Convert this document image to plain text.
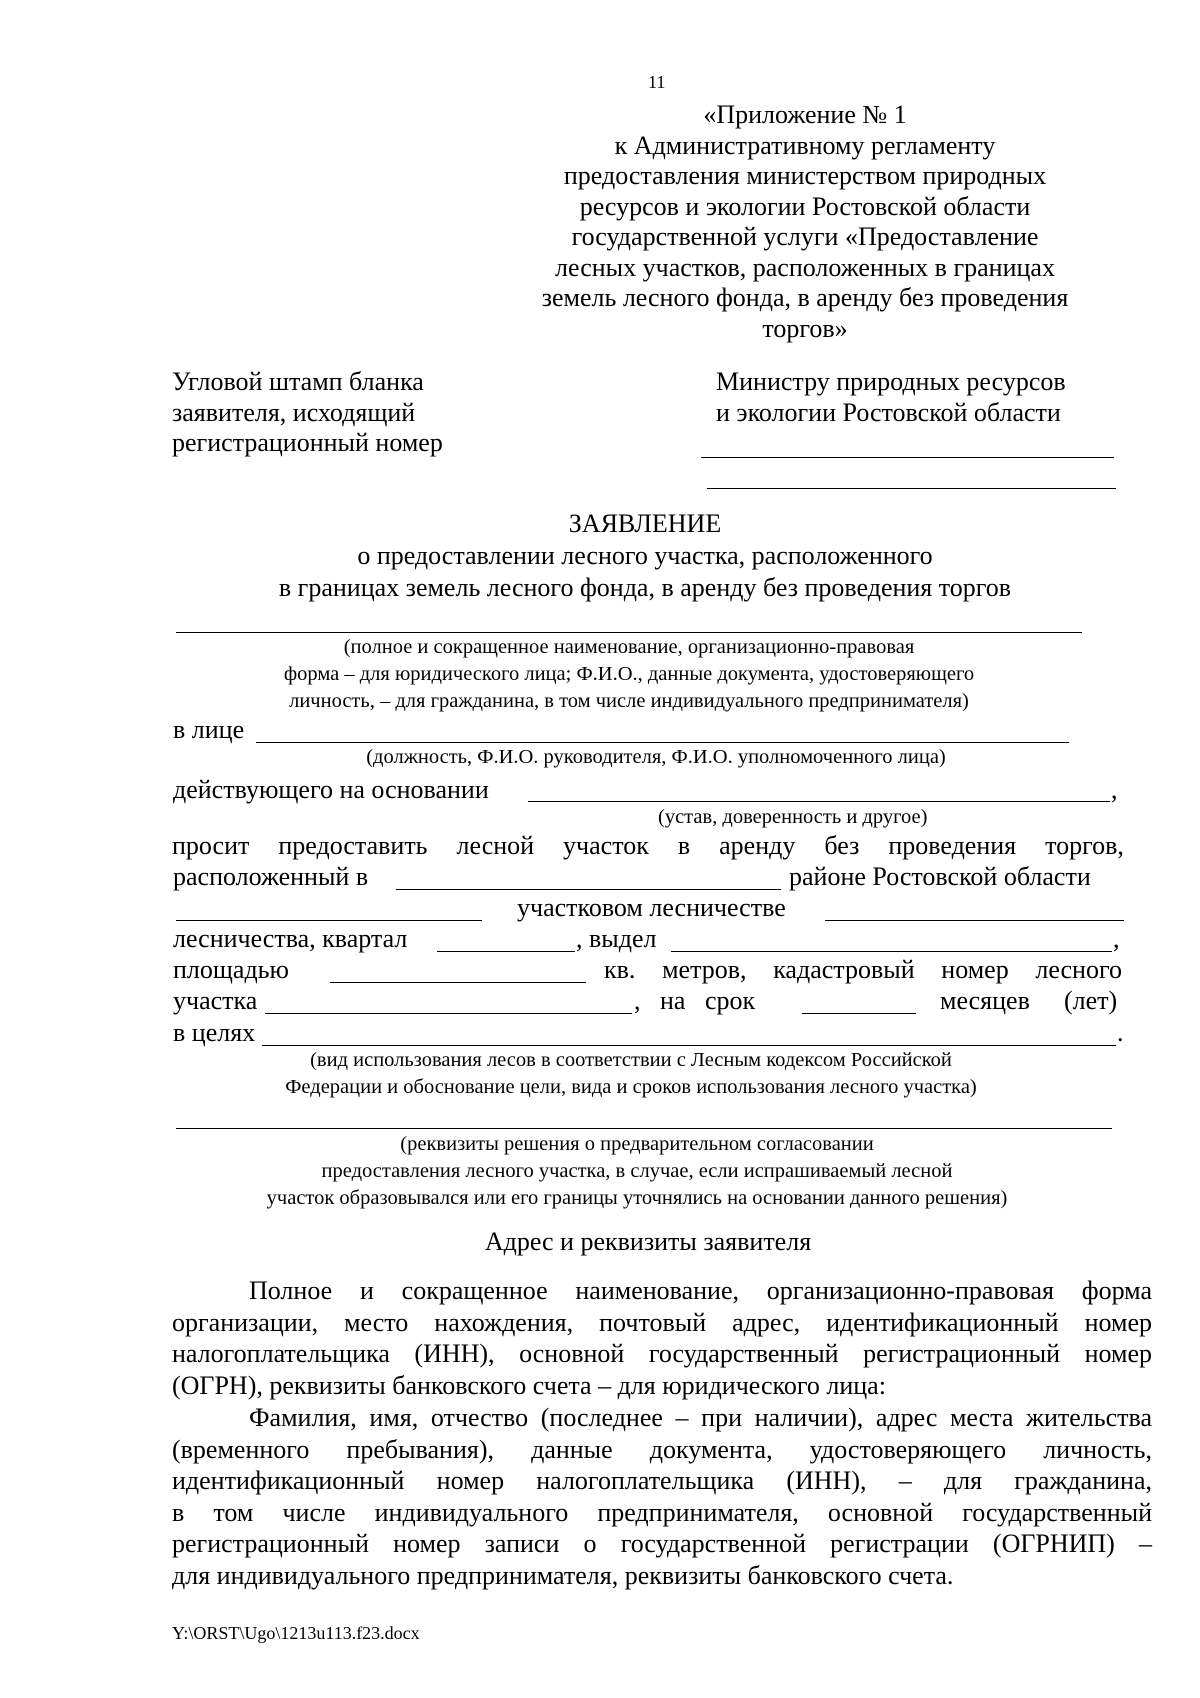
11
«Приложение № 1
к Административному регламенту
предоставления министерством природных
ресурсов и экологии Ростовской области
государственной услуги «Предоставление
лесных участков, расположенных в границах
земель лесного фонда, в аренду без проведения
торгов»
Угловой штамп бланка
заявителя, исходящий
регистрационный номер
Министру природных ресурсов
и экологии Ростовской области
ЗАЯВЛЕНИЕ
о предоставлении лесного участка, расположенного
в границах земель лесного фонда, в аренду без проведения торгов
(полное и сокращенное наименование, организационно-правовая
форма – для юридического лица; Ф.И.О., данные документа, удостоверяющего
личность, – для гражданина, в том числе индивидуального предпринимателя)
в лице
(должность, Ф.И.О. руководителя, Ф.И.О. уполномоченного лица)
действующего на основании	,
(устав, доверенность и другое)
просит предоставить лесной участок в аренду без проведения торгов,
расположенный в	районе Ростовской области
участковом лесничестве
лесничества, квартал	, выдел	,
площадью	кв. метров, кадастровый номер лесного
участка	,   на   срок	месяцев (лет)
в целях	.
(вид использования лесов в соответствии с Лесным кодексом Российской
Федерации и обоснование цели, вида и сроков использования лесного участка)
(реквизиты решения о предварительном согласовании
предоставления лесного участка, в случае, если испрашиваемый лесной
участок образовывался или его границы уточнялись на основании данного решения)
Адрес и реквизиты заявителя
Полное и сокращенное наименование, организационно-правовая форма
организации, место нахождения, почтовый адрес, идентификационный номер
налогоплательщика (ИНН), основной государственный регистрационный номер
(ОГРН), реквизиты банковского счета – для юридического лица:
Фамилия, имя, отчество (последнее – при наличии), адрес места жительства
(временного пребывания), данные документа, удостоверяющего личность,
идентификационный номер налогоплательщика (ИНН), – для гражданина,
в том числе индивидуального предпринимателя, основной государственный
регистрационный номер записи о государственной регистрации (ОГРНИП) –
для индивидуального предпринимателя, реквизиты банковского счета.
Y:\ORST\Ugo\1213u113.f23.docx
